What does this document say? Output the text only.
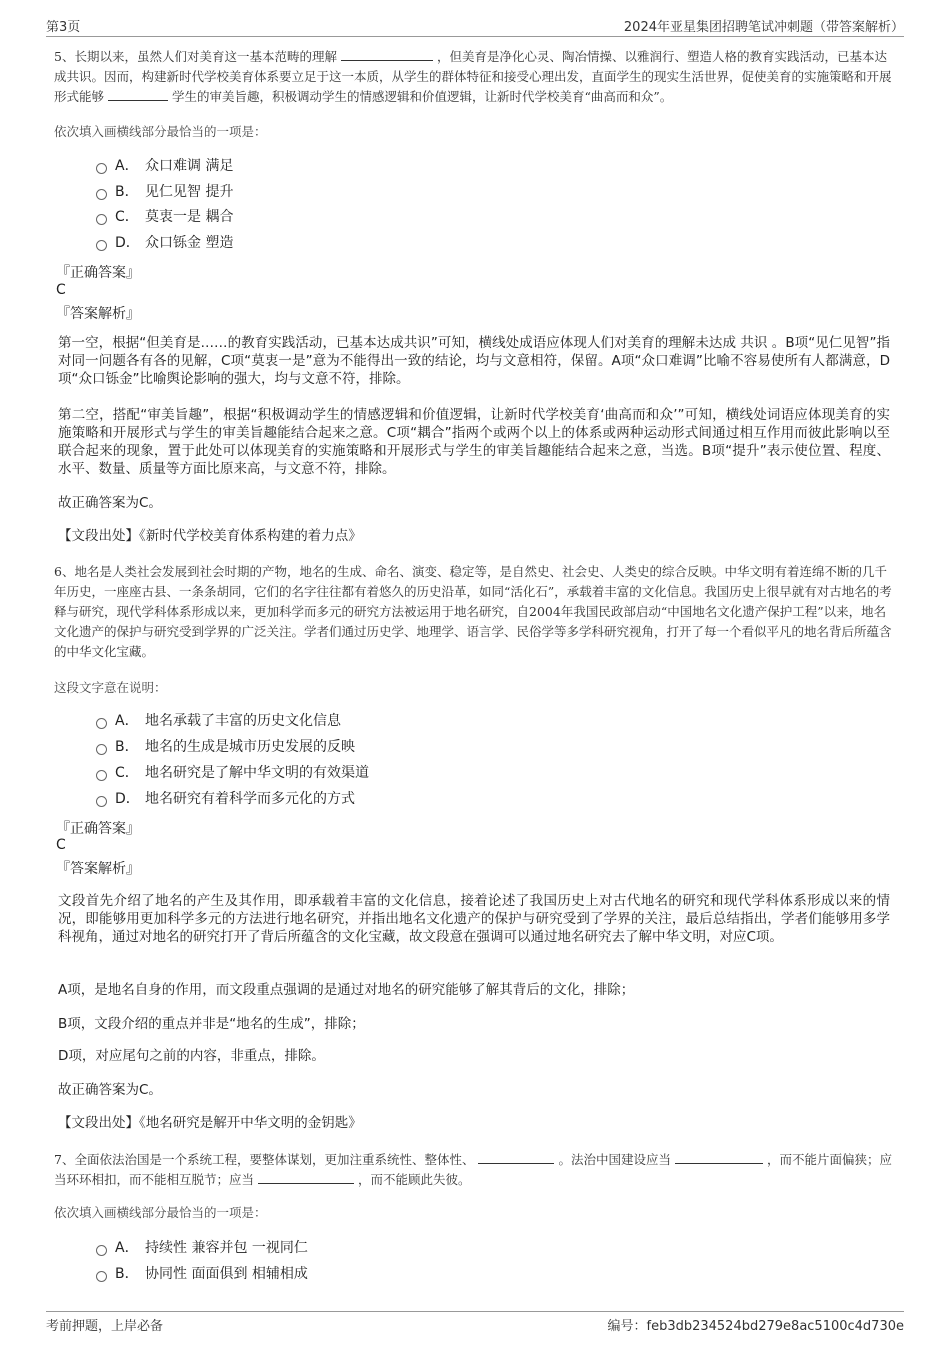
第3页	2024年亚星集团招聘笔试冲刺题（带答案解析）
5、长期以来，虽然人们对美育这一基本范畴的理解	，但美育是净化心灵、陶冶情操、以雅润行、塑造人格的教育实践活动，已基本达成共识。因而，构建新时代学校美育体系要立足于这一本质，从学生的群体特征和接受心理出发，直面学生的现实生活世界，促使美育的实施策略和开展形式能够	学生的审美旨趣，积极调动学生的情感逻辑和价值逻辑，让新时代学校美育“曲高而和众”。
依次填入画横线部分最恰当的一项是：
A． 众口难调 满足
B． 见仁见智 提升
C． 莫衷一是 耦合
D． 众口铄金 塑造
『正确答案』
C
『答案解析』
第一空，根据“但美育是……的教育实践活动，已基本达成共识”可知，横线处成语应体现人们对美育的理解未达成 共识 。B项“见仁见智”指对同一问题各有各的见解，C项“莫衷一是”意为不能得出一致的结论，均与文意相符，保留。A项“众口难调”比喻不容易使所有人都满意，D项“众口铄金”比喻舆论影响的强大，均与文意不符，排除。
第二空，搭配“审美旨趣”，根据“积极调动学生的情感逻辑和价值逻辑，让新时代学校美育‘曲高而和众’”可知，横线处词语应体现美育的实施策略和开展形式与学生的审美旨趣能结合起来之意。C项“耦合”指两个或两个以上的体系或两种运动形式间通过相互作用而彼此影响以至联合起来的现象，置于此处可以体现美育的实施策略和开展形式与学生的审美旨趣能结合起来之意，当选。B项“提升”表示使位置、程度、水平、数量、质量等方面比原来高，与文意不符，排除。
故正确答案为C。
【文段出处】《新时代学校美育体系构建的着力点》
6、地名是人类社会发展到社会时期的产物，地名的生成、命名、演变、稳定等，是自然史、社会史、人类史的综合反映。中华文明有着连绵不断的几千年历史，一座座古县、一条条胡同，它们的名字往往都有着悠久的历史沿革，如同“活化石”，承载着丰富的文化信息。我国历史上很早就有对古地名的考释与研究，现代学科体系形成以来，更加科学而多元的研究方法被运用于地名研究，自2004年我国民政部启动“中国地名文化遗产保护工程”以来，地名文化遗产的保护与研究受到学界的广泛关注。学者们通过历史学、地理学、语言学、民俗学等多学科研究视角，打开了每一个看似平凡的地名背后所蕴含的中华文化宝藏。
这段文字意在说明：
A． 地名承载了丰富的历史文化信息
B． 地名的生成是城市历史发展的反映
C． 地名研究是了解中华文明的有效渠道
D． 地名研究有着科学而多元化的方式
『正确答案』
C
『答案解析』
文段首先介绍了地名的产生及其作用，即承载着丰富的文化信息，接着论述了我国历史上对古代地名的研究和现代学科体系形成以来的情况，即能够用更加科学多元的方法进行地名研究，并指出地名文化遗产的保护与研究受到了学界的关注，最后总结指出，学者们能够用多学科视角，通过对地名的研究打开了背后所蕴含的文化宝藏，故文段意在强调可以通过地名研究去了解中华文明，对应C项。
A项，是地名自身的作用，而文段重点强调的是通过对地名的研究能够了解其背后的文化，排除；
B项，文段介绍的重点并非是“地名的生成”，排除；
D项，对应尾句之前的内容，非重点，排除。
故正确答案为C。
【文段出处】《地名研究是解开中华文明的金钥匙》
7、全面依法治国是一个系统工程，要整体谋划，更加注重系统性、整体性、	。法治中国建设应当	，而不能片面偏狭；应当环环相扣，而不能相互脱节；应当	，而不能顾此失彼。
依次填入画横线部分最恰当的一项是：
A． 持续性 兼容并包 一视同仁
B． 协同性 面面俱到 相辅相成
考前押题，上岸必备	编号：feb3db234524bd279e8ac5100c4d730e
